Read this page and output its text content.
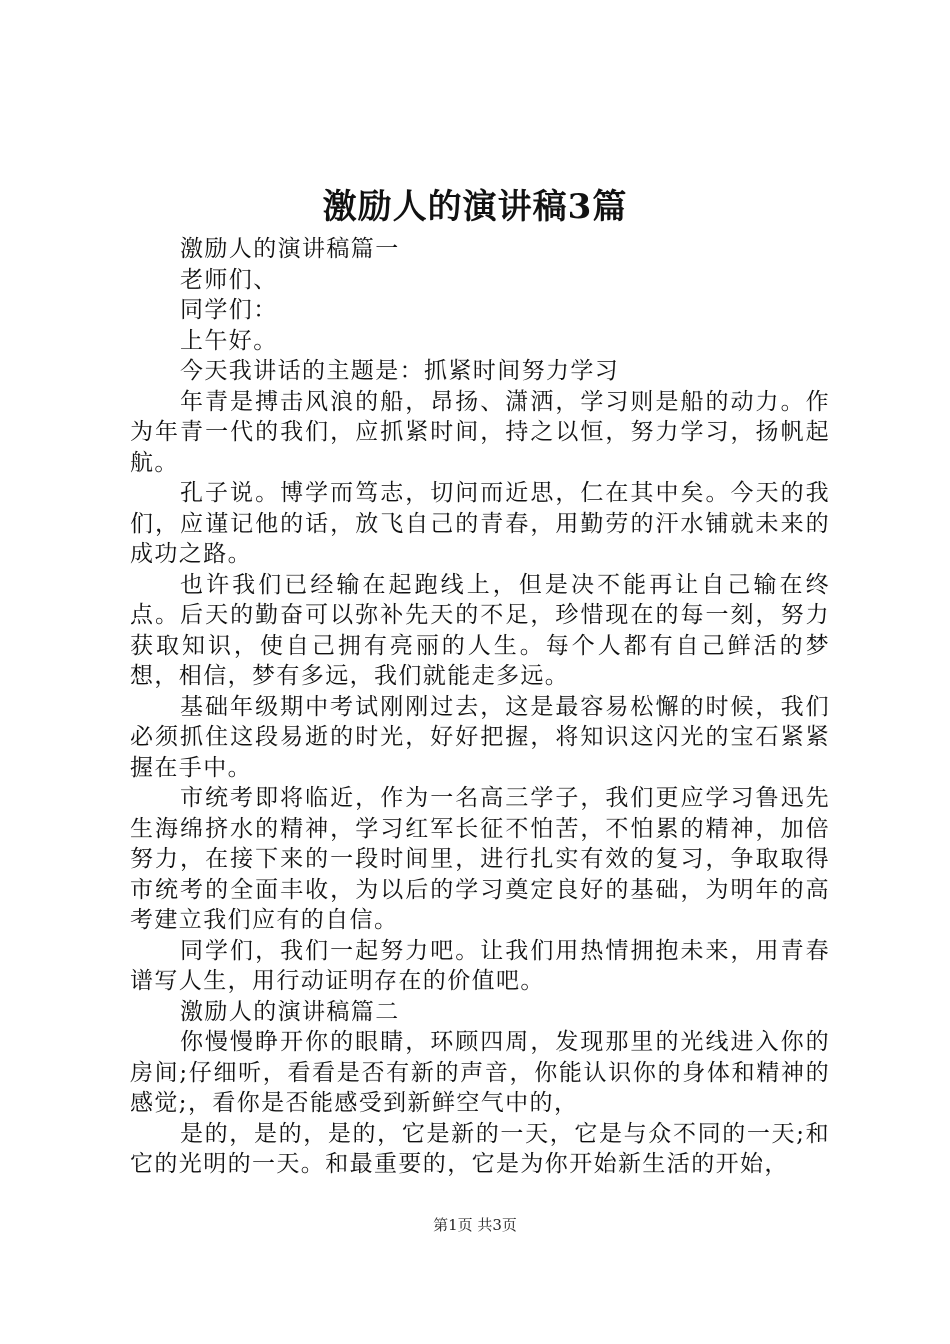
激励人的演讲稿3篇

激励人的演讲稿篇一

老师们、

同学们：

上午好。

今天我讲话的主题是：抓紧时间努力学习

年青是搏击风浪的船，昂扬、潇洒，学习则是船的动力。作为年青一代的我们，应抓紧时间，持之以恒，努力学习，扬帆起航。

孔子说。博学而笃志，切问而近思，仁在其中矣。今天的我们，应谨记他的话，放飞自己的青春，用勤劳的汗水铺就未来的成功之路。

也许我们已经输在起跑线上，但是决不能再让自己输在终点。后天的勤奋可以弥补先天的不足，珍惜现在的每一刻，努力获取知识，使自己拥有亮丽的人生。每个人都有自己鲜活的梦想，相信，梦有多远，我们就能走多远。

基础年级期中考试刚刚过去，这是最容易松懈的时候，我们必须抓住这段易逝的时光，好好把握，将知识这闪光的宝石紧紧握在手中。

市统考即将临近，作为一名高三学子，我们更应学习鲁迅先生海绵挤水的精神，学习红军长征不怕苦，不怕累的精神，加倍努力，在接下来的一段时间里，进行扎实有效的复习，争取取得市统考的全面丰收，为以后的学习奠定良好的基础，为明年的高考建立我们应有的自信。

同学们，我们一起努力吧。让我们用热情拥抱未来，用青春谱写人生，用行动证明存在的价值吧。

激励人的演讲稿篇二

你慢慢睁开你的眼睛，环顾四周，发现那里的光线进入你的房间;仔细听，看看是否有新的声音，你能认识你的身体和精神的感觉;，看你是否能感受到新鲜空气中的，

是的，是的，是的，它是新的一天，它是与众不同的一天;和它的光明的一天。和最重要的，它是为你开始新生活的开始，

第1页 共3页
